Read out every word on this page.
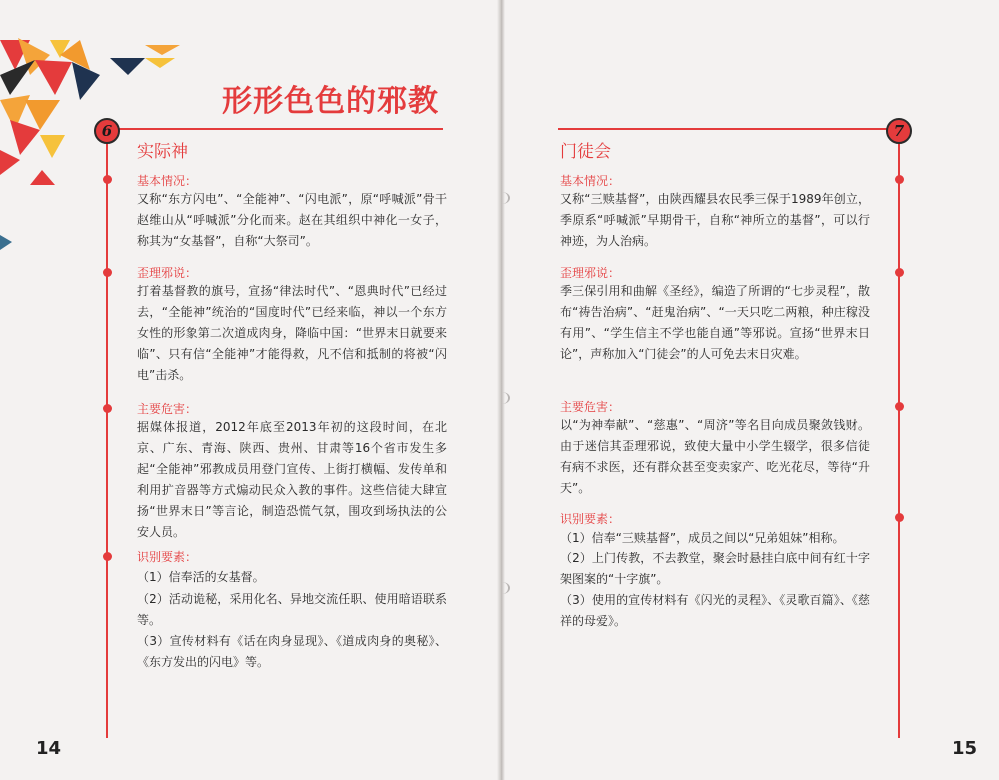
形形色色的邪教
6
实际神
基本情况：

又称“东方闪电”、“全能神”、“闪电派”，原“呼喊派”骨干赵维山从“呼喊派”分化而来。赵在其组织中神化一女子，称其为“女基督”，自称“大祭司”。

歪理邪说：

打着基督教的旗号，宣扬“律法时代”、“恩典时代”已经过去，“全能神”统治的“国度时代”已经来临，神以一个东方女性的形象第二次道成肉身，降临中国：“世界末日就要来临”、只有信“全能神”才能得救，凡不信和抵制的将被“闪电”击杀。

主要危害：

据媒体报道，2012年底至2013年初的这段时间，在北京、广东、青海、陕西、贵州、甘肃等16个省市发生多起“全能神”邪教成员用登门宣传、上街打横幅、发传单和利用扩音器等方式煽动民众入教的事件。这些信徒大肆宣扬“世界末日”等言论，制造恐慌气氛，围攻到场执法的公安人员。

识别要素：

（1）信奉活的女基督。

（2）活动诡秘，采用化名、异地交流任职、使用暗语联系等。

（3）宣传材料有《话在肉身显现》、《道成肉身的奥秘》、《东方发出的闪电》等。

14
7
门徒会
基本情况：

又称“三赎基督”，由陕西耀县农民季三保于1989年创立，季原系“呼喊派”早期骨干，自称“神所立的基督”，可以行神迹，为人治病。

歪理邪说：

季三保引用和曲解《圣经》，编造了所谓的“七步灵程”，散布“祷告治病”、“赶鬼治病”、“一天只吃二两粮，种庄稼没有用”、“学生信主不学也能自通”等邪说。宣扬“世界末日论”，声称加入“门徒会”的人可免去末日灾难。

主要危害：

以“为神奉献”、“慈惠”、“周济”等名目向成员聚敛钱财。由于迷信其歪理邪说，致使大量中小学生辍学，很多信徒有病不求医，还有群众甚至变卖家产、吃光花尽，等待“升天”。

识别要素：

（1）信奉“三赎基督”，成员之间以“兄弟姐妹”相称。

（2）上门传教，不去教堂，聚会时悬挂白底中间有红十字架图案的“十字旗”。

（3）使用的宣传材料有《闪光的灵程》、《灵歌百篇》、《慈祥的母爱》。

15
